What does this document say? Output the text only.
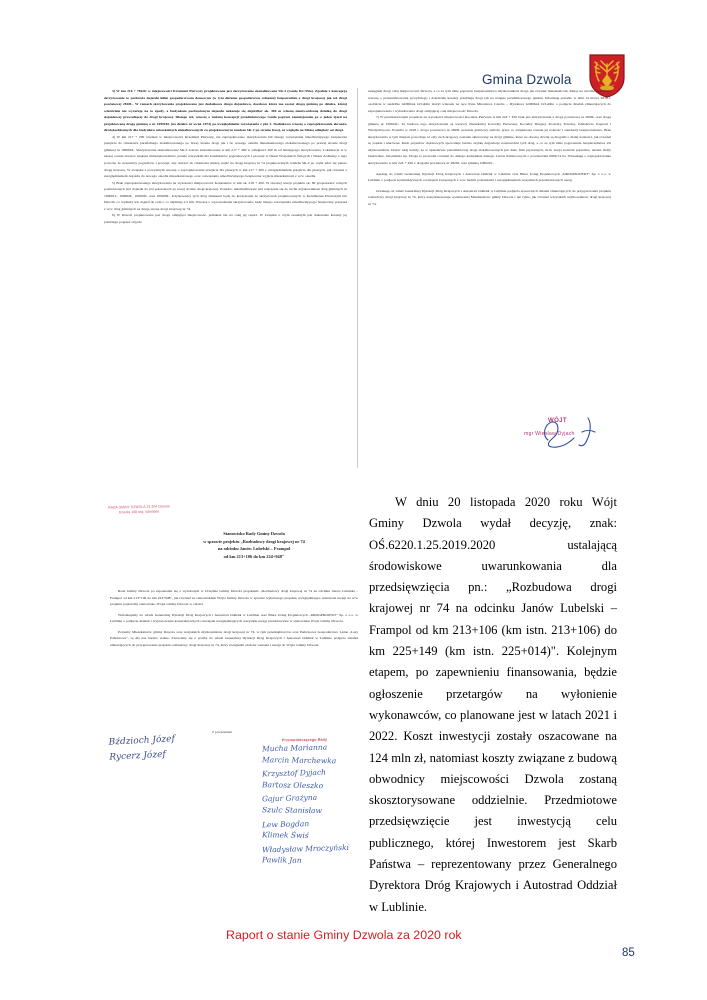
Gmina Dzwola

3) W km 216 + 760,81 w miejscowości Krzemień Pierwszy projektowane jest skrzyżowanie skanalizowane SK-2 (rondo Dz=45m). Zgodnie z koncepcją skrzyżowanie to pozbawia dojazdu kilku gospodarstwom domowym (w tym dużemu gospodarstwu rolnemu) bezpośrednio z drogi krajowej jak też drogi powiatowej 2810L. W ramach skrzyżowania projektowana jest dodatkowa droga dojazdowa, docelowo która ma zostać drogą gminną po działce, której właściciele nie wyrażają na to zgody, a budynkom pozbawionym dojazdu nakazuje się dojeżdżać ok. 300 m własną nieutwardzoną działką do drogi dojazdowej prowadzącej do drogi krajowej. Dlatego też, wnoszę o zmianę koncepcji przedmiotowego ronda poprzez zamniejszenie go o jeden zjazd na projektowaną drogę gminną a nr 109018L (na działce nr ewid. 1074) po uwzględnieniu rozwiązania z pkt 2. Dodatkowo wnoszę o zaprojektowanie ekranów dźwiękochłonnych dla budynków mieszkalnych zlokalizowanych za projektowanym rondem SK-2 po stronie lewej, ze względu na bliską odległość od drogi.

4) W km 217 + 200 również w miejscowości Krzemień Pierwszy, nie zaprojektowano skrzyżowania lub innego rozwiązania umożliwiającego bezpieczne przejście do cmentarza parafialnego zlokalizowanego po lewej stronie drogi jak i do nowego osiedla mieszkaniowego zlokalizowanego po prawej stronie drogi gminnej nr 109000L. Skrzyżowanie skanalizowane SK-3 zostało zlokalizowane w km 217 + 400 w odległości 200 m od istniejącego skrzyżowania. Lokalizacja ta w naszej ocenie stwarza większe niebezpieczeństwo przede wszystkim dla kondukatów pogrzebowych i procesji w Dzień Wszystkich Świętych i Dzień Zaduszny z tego powodu, że uczestnicy pogrzebów i procesji, aby dotrzeć do cmentarza muszą wejść na drogę krajową nr 74 projektowanym rondem SK-2 po czym udać się pieszo drogą krajową. W związku z powyższym wnoszę o zaprojektowanie przejścia dla pieszych w km 217 + 200 z uwzględnieniem przejścia dla pieszych, jak również z uwzględnieniem dojazdu do nowego osiedla mieszkaniowego oraz rozwiązania umożliwiającego bezpieczne wyjście mieszkańcom z w/w osiedla.

5) Brak zaprojektowanego skrzyżowania na wysokości miejscowości Konstantów w km ok. 218 + 200. W obecnej wersji projektu ok. 80 gospodarstw rolnych pozbawionych jest dojazdu do pól położonych po lewej stronie drogi krajowej. Ponadto, uniemożliwione jest włączenie się do ruchu użytkownikom dróg gminnych nr 109001L, 109002L, 109003L oraz 109005L. Użytkownicy tych dróg zmuszeni będą do korzystania ze skrzyżowań projektowanych w Krzemieniu Pierwszym lub Dzwoli, co wydłuży ich dojazd do celu o co najmniej 2,5 km. Wnoszę o wprowadzenie skrzyżowania, bądź innego rozwiązania umożliwiającego bezpieczny przejazd z w/w dróg gminnych na drugą stronę drogi krajowej nr 74.

6) W Dzwoli projektowana jest droga omijająca miejscowość, jednakże nie na całej jej części. W związku z czym zasadnym jest dokonanie korekty jej przebiegu poprzez objęcie

zasięgiem drogi całej miejscowości Dzwola, a co za tym idzie poprawie bezpieczeństwa użytkownikom drogi, jak również mieszkańcom. Mając na uwadze powyższe, wnoszę o przeanalizowanie powyższego i dokonanie korekty przebiegu drogi jak na wstępie przedmiotowego punktu. Informuję ponadto w dniu 14 marca 2019 r. osobiście w siedzibie GDDKiA O/Lublin złożył wniosek na ręce Pana Mirosława Czecha – Dyrektora GDDKiA O/Lublin o podjęcie działań zmierzających do zaprojektowania i wybudowania drogi omijającej całą miejscowość Dzwola.

7) W przedstawionym projekcie na wysokości miejscowości Kocudza Pierwsza w km 224 + 450 brak jest skrzyżowania z drogą powiatową nr 2826L oraz drogą gminną nr 109022L. Za budową tego skrzyżowania są wszyscy mieszkańcy Kocudzy Pierwszej, Kocudzy Drugiej, Kocudzy Trzeciej, Zdzisławic, Kaproni i Władysławowa. Ponadto w 2018 r. droga powiatowa nr 2826L przeszła gruntowy remont, przez co zwiększona została jej nośność i standardy bezpieczeństwa. Brak skrzyżowania w tym miejscu powoduje, iż cały ruch drogowy zostanie skierowany na drogi gminne, które na obecną chwilę są drogami o małej nośności, jak również są wąskie i nierówne. Ruch pojazdów ciężarowych spowoduje bardzo szybką degradację nawierzchni tych dróg, a co za tym idzie pogorszenie bezpieczeństwa ich użytkowników. Dodać tutaj należy, że w sąsiedztwie przedmiotowej drogi zlokalizowanych jest dużo firm prywatnych, m.in. stacja kontroli pojazdów, tartaki, firmy budowlane, betoniarnia itp. Droga ta prowadzi również do dużego kompleksu leśnego Lasów Państwowych o powierzchni 6966,74 ha. Wnioskuję o zaprojektowanie skrzyżowania w km 224 + 450 z drogami powiatową nr 2826L oraz gminną 109022L.

Apeluję do władz Generalnej Dyrekcji Dróg Krajowych i Autostrad Oddział w Lublinie oraz Biura Usług Projektowych „DROGPROJEKT" Sp. z o.o. w Lublinie o podjęcie konstruktywnych rozwiązań związanych z w/w moimi postulatami i uwzględnieniem wszystkich przedstawionych uwag.

Oczekuję od władz Generalnej Dyrekcji Dróg Krajowych i Autostrad Oddział w Lublinie podjęcia stosownych działań zmierzających do przygotowania projektu rozbudowy drogi krajowej nr 74, który usatysfakcjonuje oczekiwania Mieszkańców gminy Dzwola i nie tylko, jak również wszystkich użytkowników drogi krajowej nr 74.

WÓJT
mgr Wiesław Dyjach
RADA GMINY DZWOLA 23-304 Dzwola Dzwola 168 woj. lubelskie
Stanowisko Rady Gminy Dzwola
w sprawie projektu „Rozbudowy drogi krajowej nr 74
na odcinku Janów Lubelski – Frampol
od km 213+106 do km 224+948"

Rada Gminy Dzwola po zapoznaniu się z wyłożonym w Urzędzie Gminy Dzwola projektem: „Rozbudowy drogi krajowej nr 74 na odcinku Janów Lubelski – Frampol od km 213+106 do km 224+948", jak również ze stanowiskiem Wójta Gminy Dzwola w sprawie wyłożonego projektu, uwzględniające wniesione uwagi do w/w projektu popieramy stanowisko Wójta Gminy Dzwola w całości.

Wnioskujemy do władz Generalnej Dyrekcji Dróg Krajowych i Autostrad Oddział w Lublinie oraz Biura Usług Projektowych „DROGPROJEKT" Sp. z o.o. w Lublinie o podjęcie działań i wypracowanie konstruktywnych rozwiązań uwzględniających wszystkie uwagi przedstawione w stanowisku Wójta Gminy Dzwola.

Potrzeby Mieszkańców gminy Dzwola oraz wszystkich użytkowników drogi krajowej nr 74, w tym przedsiębiorców oraz Państwowe Gospodarstwo Leśne „Lasy Państwowe", są dla nas bardzo ważne. Zwracamy się z prośbą do władz Generalnej Dyrekcji Dróg Krajowych i Autostrad Oddział w Lublinie podjęcia działań zmierzających do przygotowania projektu rozbudowy drogi krajowej nr 74, który uwzględni złożone wnioski i uwagi do Wójta Gminy Dzwola.

Z poważaniem
Przewodniczącego Rady
Bździoch Józef
Rycerz Józef
Mucha Marianna
Marcin Marchewka
Krzysztof Dyjach
Bartosz Oleszko
Gajur Grażyna
Szulc Stanisław
Lew Bogdan
Klimek Świś
Władysław Mroczyński
Pawlik Jan
W dniu 20 listopada 2020 roku Wójt Gminy Dzwola wydał decyzję, znak: OŚ.6220.1.25.2019.2020 ustalającą środowiskowe uwarunkowania dla przedsięwzięcia pn.: „Rozbudowa drogi krajowej nr 74 na odcinku Janów Lubelski – Frampol od km 213+106 (km istn. 213+106) do km 225+149 (km istn. 225+014)". Kolejnym etapem, po zapewnieniu finansowania, będzie ogłoszenie przetargów na wyłonienie wykonawców, co planowane jest w latach 2021 i 2022. Koszt inwestycji zostały oszacowane na 124 mln zł, natomiast koszty związane z budową obwodnicy miejscowości Dzwola zostaną skosztorysowane oddzielnie. Przedmiotowe przedsięwzięcie jest inwestycją celu publicznego, której Inwestorem jest Skarb Państwa – reprezentowany przez Generalnego Dyrektora Dróg Krajowych i Autostrad Oddział w Lublinie.
Raport o stanie Gminy Dzwola za 2020 rok
85
